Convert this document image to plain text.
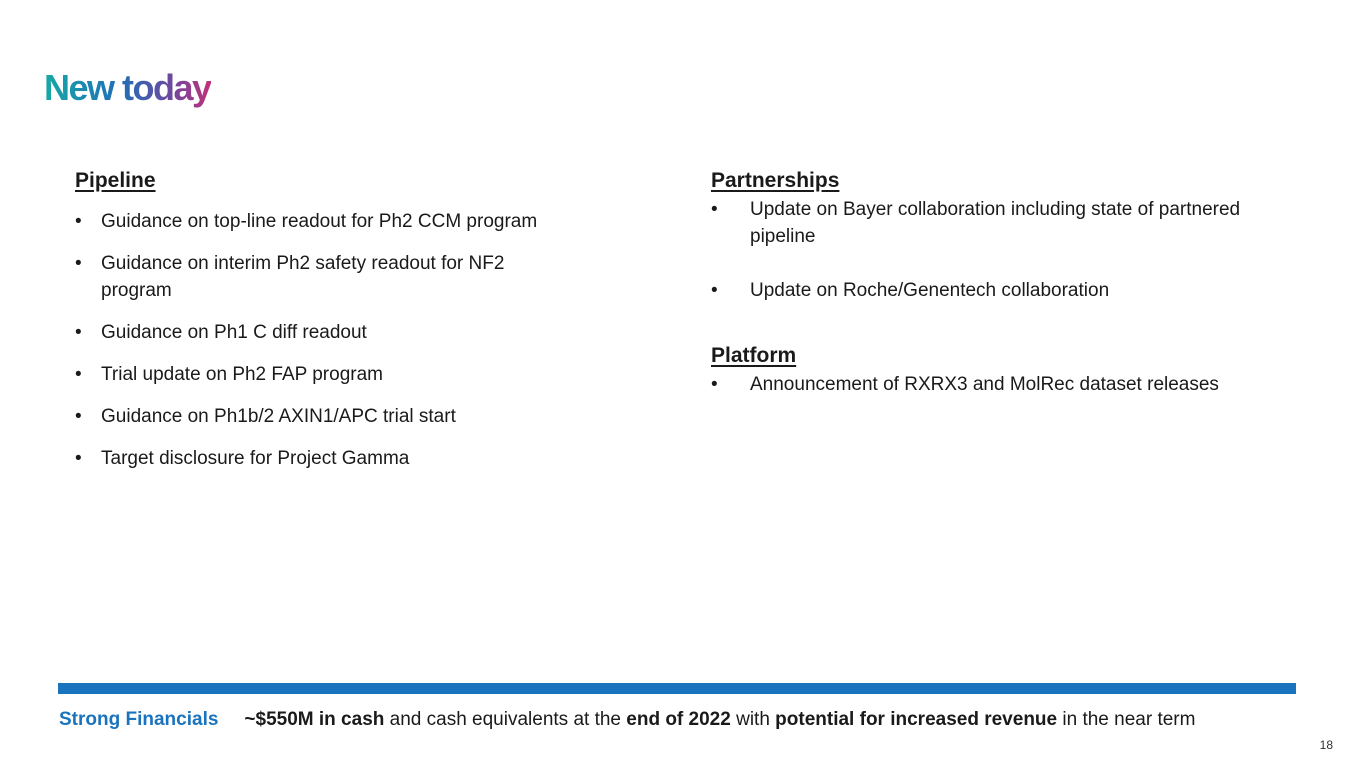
New today
Pipeline
• Guidance on top-line readout for Ph2 CCM program
• Guidance on interim Ph2 safety readout for NF2 program
• Guidance on Ph1 C diff readout
• Trial update on Ph2 FAP program
• Guidance on Ph1b/2 AXIN1/APC trial start
• Target disclosure for Project Gamma
Partnerships
• Update on Bayer collaboration including state of partnered pipeline
• Update on Roche/Genentech collaboration
Platform
• Announcement of RXRX3 and MolRec dataset releases
Strong Financials ~$550M in cash and cash equivalents at the end of 2022 with potential for increased revenue in the near term
18
